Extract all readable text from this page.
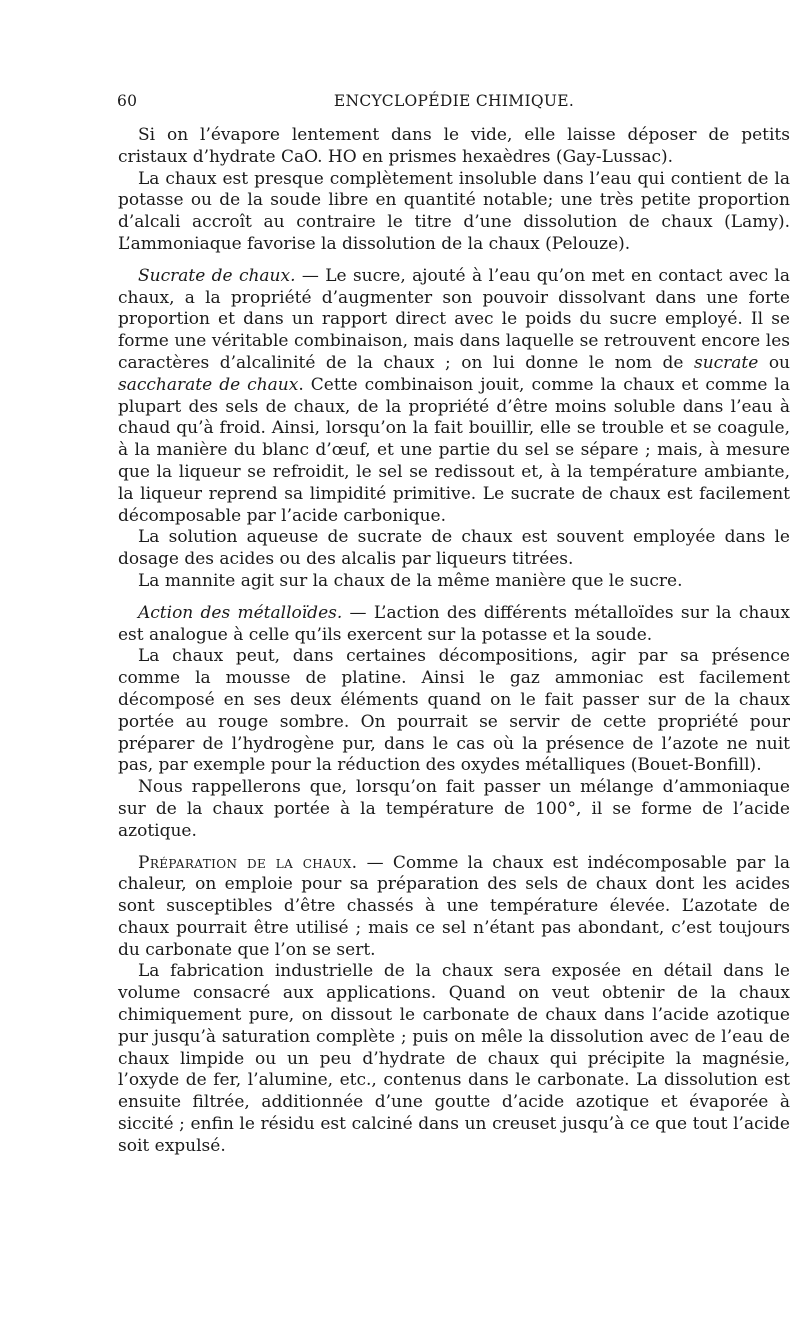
60	ENCYCLOPÉDIE CHIMIQUE.

Si on l’évapore lentement dans le vide, elle laisse déposer de petits cristaux d’hydrate CaO. HO en prismes hexaèdres (Gay-Lussac).

La chaux est presque complètement insoluble dans l’eau qui contient de la potasse ou de la soude libre en quantité notable; une très petite proportion d’alcali accroît au contraire le titre d’une dissolution de chaux (Lamy). L’ammoniaque favorise la dissolution de la chaux (Pelouze).

Sucrate de chaux. — Le sucre, ajouté à l’eau qu’on met en contact avec la chaux, a la propriété d’augmenter son pouvoir dissolvant dans une forte proportion et dans un rapport direct avec le poids du sucre employé. Il se forme une véritable combinaison, mais dans laquelle se retrouvent encore les caractères d’alcalinité de la chaux ; on lui donne le nom de sucrate ou saccharate de chaux. Cette combinaison jouit, comme la chaux et comme la plupart des sels de chaux, de la propriété d’être moins soluble dans l’eau à chaud qu’à froid. Ainsi, lorsqu’on la fait bouillir, elle se trouble et se coagule, à la manière du blanc d’œuf, et une partie du sel se sépare ; mais, à mesure que la liqueur se refroidit, le sel se redissout et, à la température ambiante, la liqueur reprend sa limpidité primitive. Le sucrate de chaux est facilement décomposable par l’acide carbonique.

La solution aqueuse de sucrate de chaux est souvent employée dans le dosage des acides ou des alcalis par liqueurs titrées.

La mannite agit sur la chaux de la même manière que le sucre.

Action des métalloïdes. — L’action des différents métalloïdes sur la chaux est analogue à celle qu’ils exercent sur la potasse et la soude.

La chaux peut, dans certaines décompositions, agir par sa présence comme la mousse de platine. Ainsi le gaz ammoniac est facilement décomposé en ses deux éléments quand on le fait passer sur de la chaux portée au rouge sombre. On pourrait se servir de cette propriété pour préparer de l’hydrogène pur, dans le cas où la présence de l’azote ne nuit pas, par exemple pour la réduction des oxydes métalliques (Bouet-Bonfill).

Nous rappellerons que, lorsqu’on fait passer un mélange d’ammoniaque sur de la chaux portée à la température de 100°, il se forme de l’acide azotique.

Préparation de la chaux. — Comme la chaux est indécomposable par la chaleur, on emploie pour sa préparation des sels de chaux dont les acides sont susceptibles d’être chassés à une température élevée. L’azotate de chaux pourrait être utilisé ; mais ce sel n’étant pas abondant, c’est toujours du carbonate que l’on se sert.

La fabrication industrielle de la chaux sera exposée en détail dans le volume consacré aux applications. Quand on veut obtenir de la chaux chimiquement pure, on dissout le carbonate de chaux dans l’acide azotique pur jusqu’à saturation complète ; puis on mêle la dissolution avec de l’eau de chaux limpide ou un peu d’hydrate de chaux qui précipite la magnésie, l’oxyde de fer, l’alumine, etc., contenus dans le carbonate. La dissolution est ensuite filtrée, additionnée d’une goutte d’acide azotique et évaporée à siccité ; enfin le résidu est calciné dans un creuset jusqu’à ce que tout l’acide soit expulsé.
